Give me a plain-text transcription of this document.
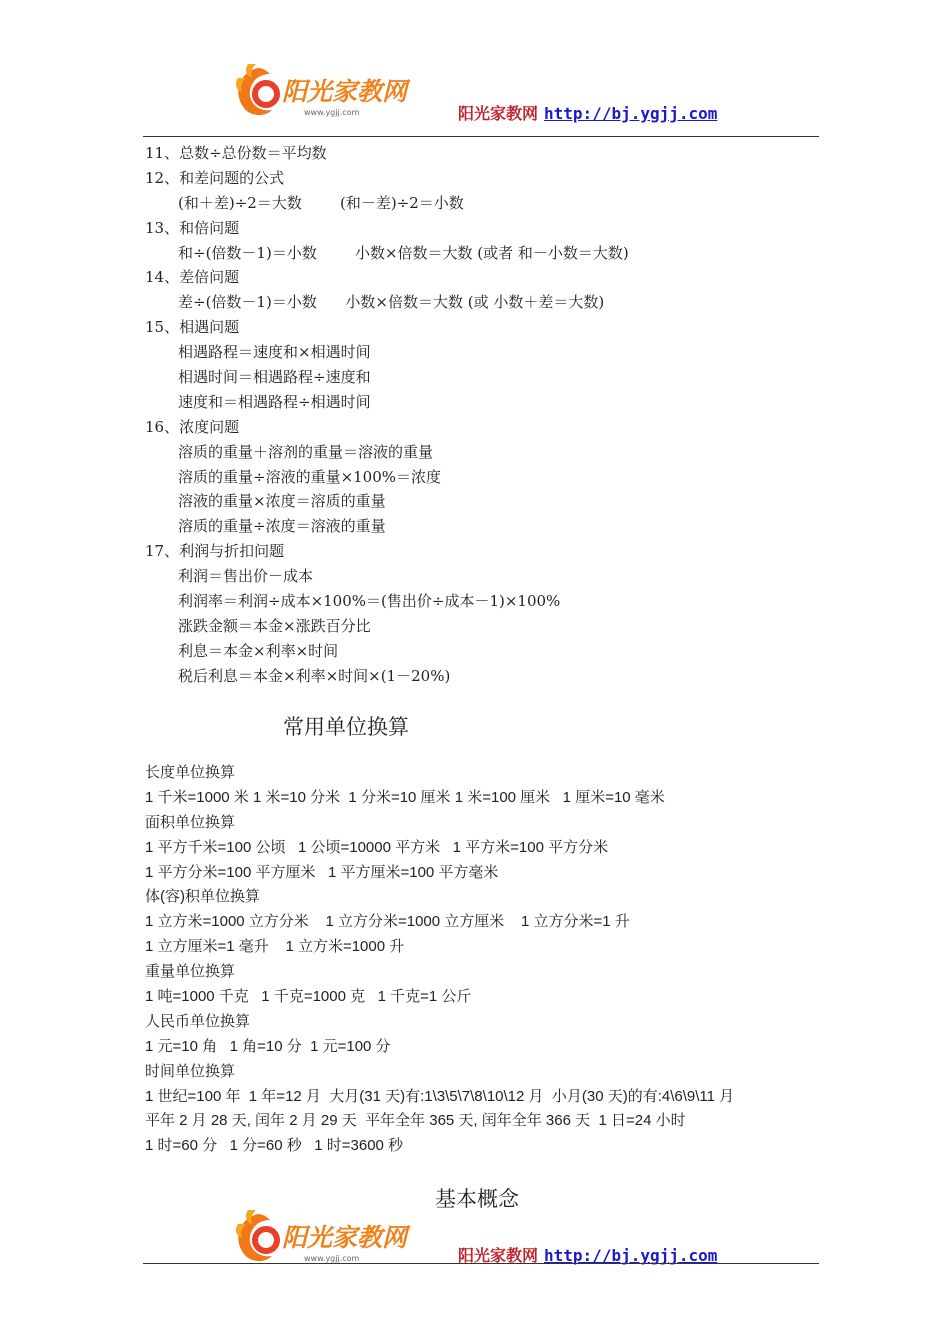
阳光家教网
www.ygjj.com	阳光家教网 http://bj.ygjj.com
11、总数÷总份数＝平均数
12、和差问题的公式
(和＋差)÷2＝大数        (和－差)÷2＝小数
13、和倍问题
和÷(倍数－1)＝小数        小数×倍数＝大数 (或者 和－小数＝大数)
14、差倍问题
差÷(倍数－1)＝小数      小数×倍数＝大数 (或 小数＋差＝大数)
15、相遇问题
相遇路程＝速度和×相遇时间
相遇时间＝相遇路程÷速度和
速度和＝相遇路程÷相遇时间
16、浓度问题
溶质的重量＋溶剂的重量＝溶液的重量
溶质的重量÷溶液的重量×100%＝浓度
溶液的重量×浓度＝溶质的重量
溶质的重量÷浓度＝溶液的重量
17、利润与折扣问题
利润＝售出价－成本
利润率＝利润÷成本×100%＝(售出价÷成本－1)×100%
涨跌金额＝本金×涨跌百分比
利息＝本金×利率×时间
税后利息＝本金×利率×时间×(1－20%)
常用单位换算
长度单位换算
1 千米=1000 米 1 米=10 分米  1 分米=10 厘米 1 米=100 厘米   1 厘米=10 毫米
面积单位换算
1 平方千米=100 公顷   1 公顷=10000 平方米   1 平方米=100 平方分米
1 平方分米=100 平方厘米   1 平方厘米=100 平方毫米
体(容)积单位换算
1 立方米=1000 立方分米    1 立方分米=1000 立方厘米    1 立方分米=1 升
1 立方厘米=1 毫升    1 立方米=1000 升
重量单位换算
1 吨=1000 千克   1 千克=1000 克   1 千克=1 公斤
人民币单位换算
1 元=10 角   1 角=10 分  1 元=100 分
时间单位换算
1 世纪=100 年  1 年=12 月  大月(31 天)有:1\3\5\7\8\10\12 月  小月(30 天)的有:4\6\9\11 月
平年 2 月 28 天, 闰年 2 月 29 天  平年全年 365 天, 闰年全年 366 天  1 日=24 小时
1 时=60 分   1 分=60 秒   1 时=3600 秒
基本概念
阳光家教网
www.ygjj.com	阳光家教网 http://bj.ygjj.com
